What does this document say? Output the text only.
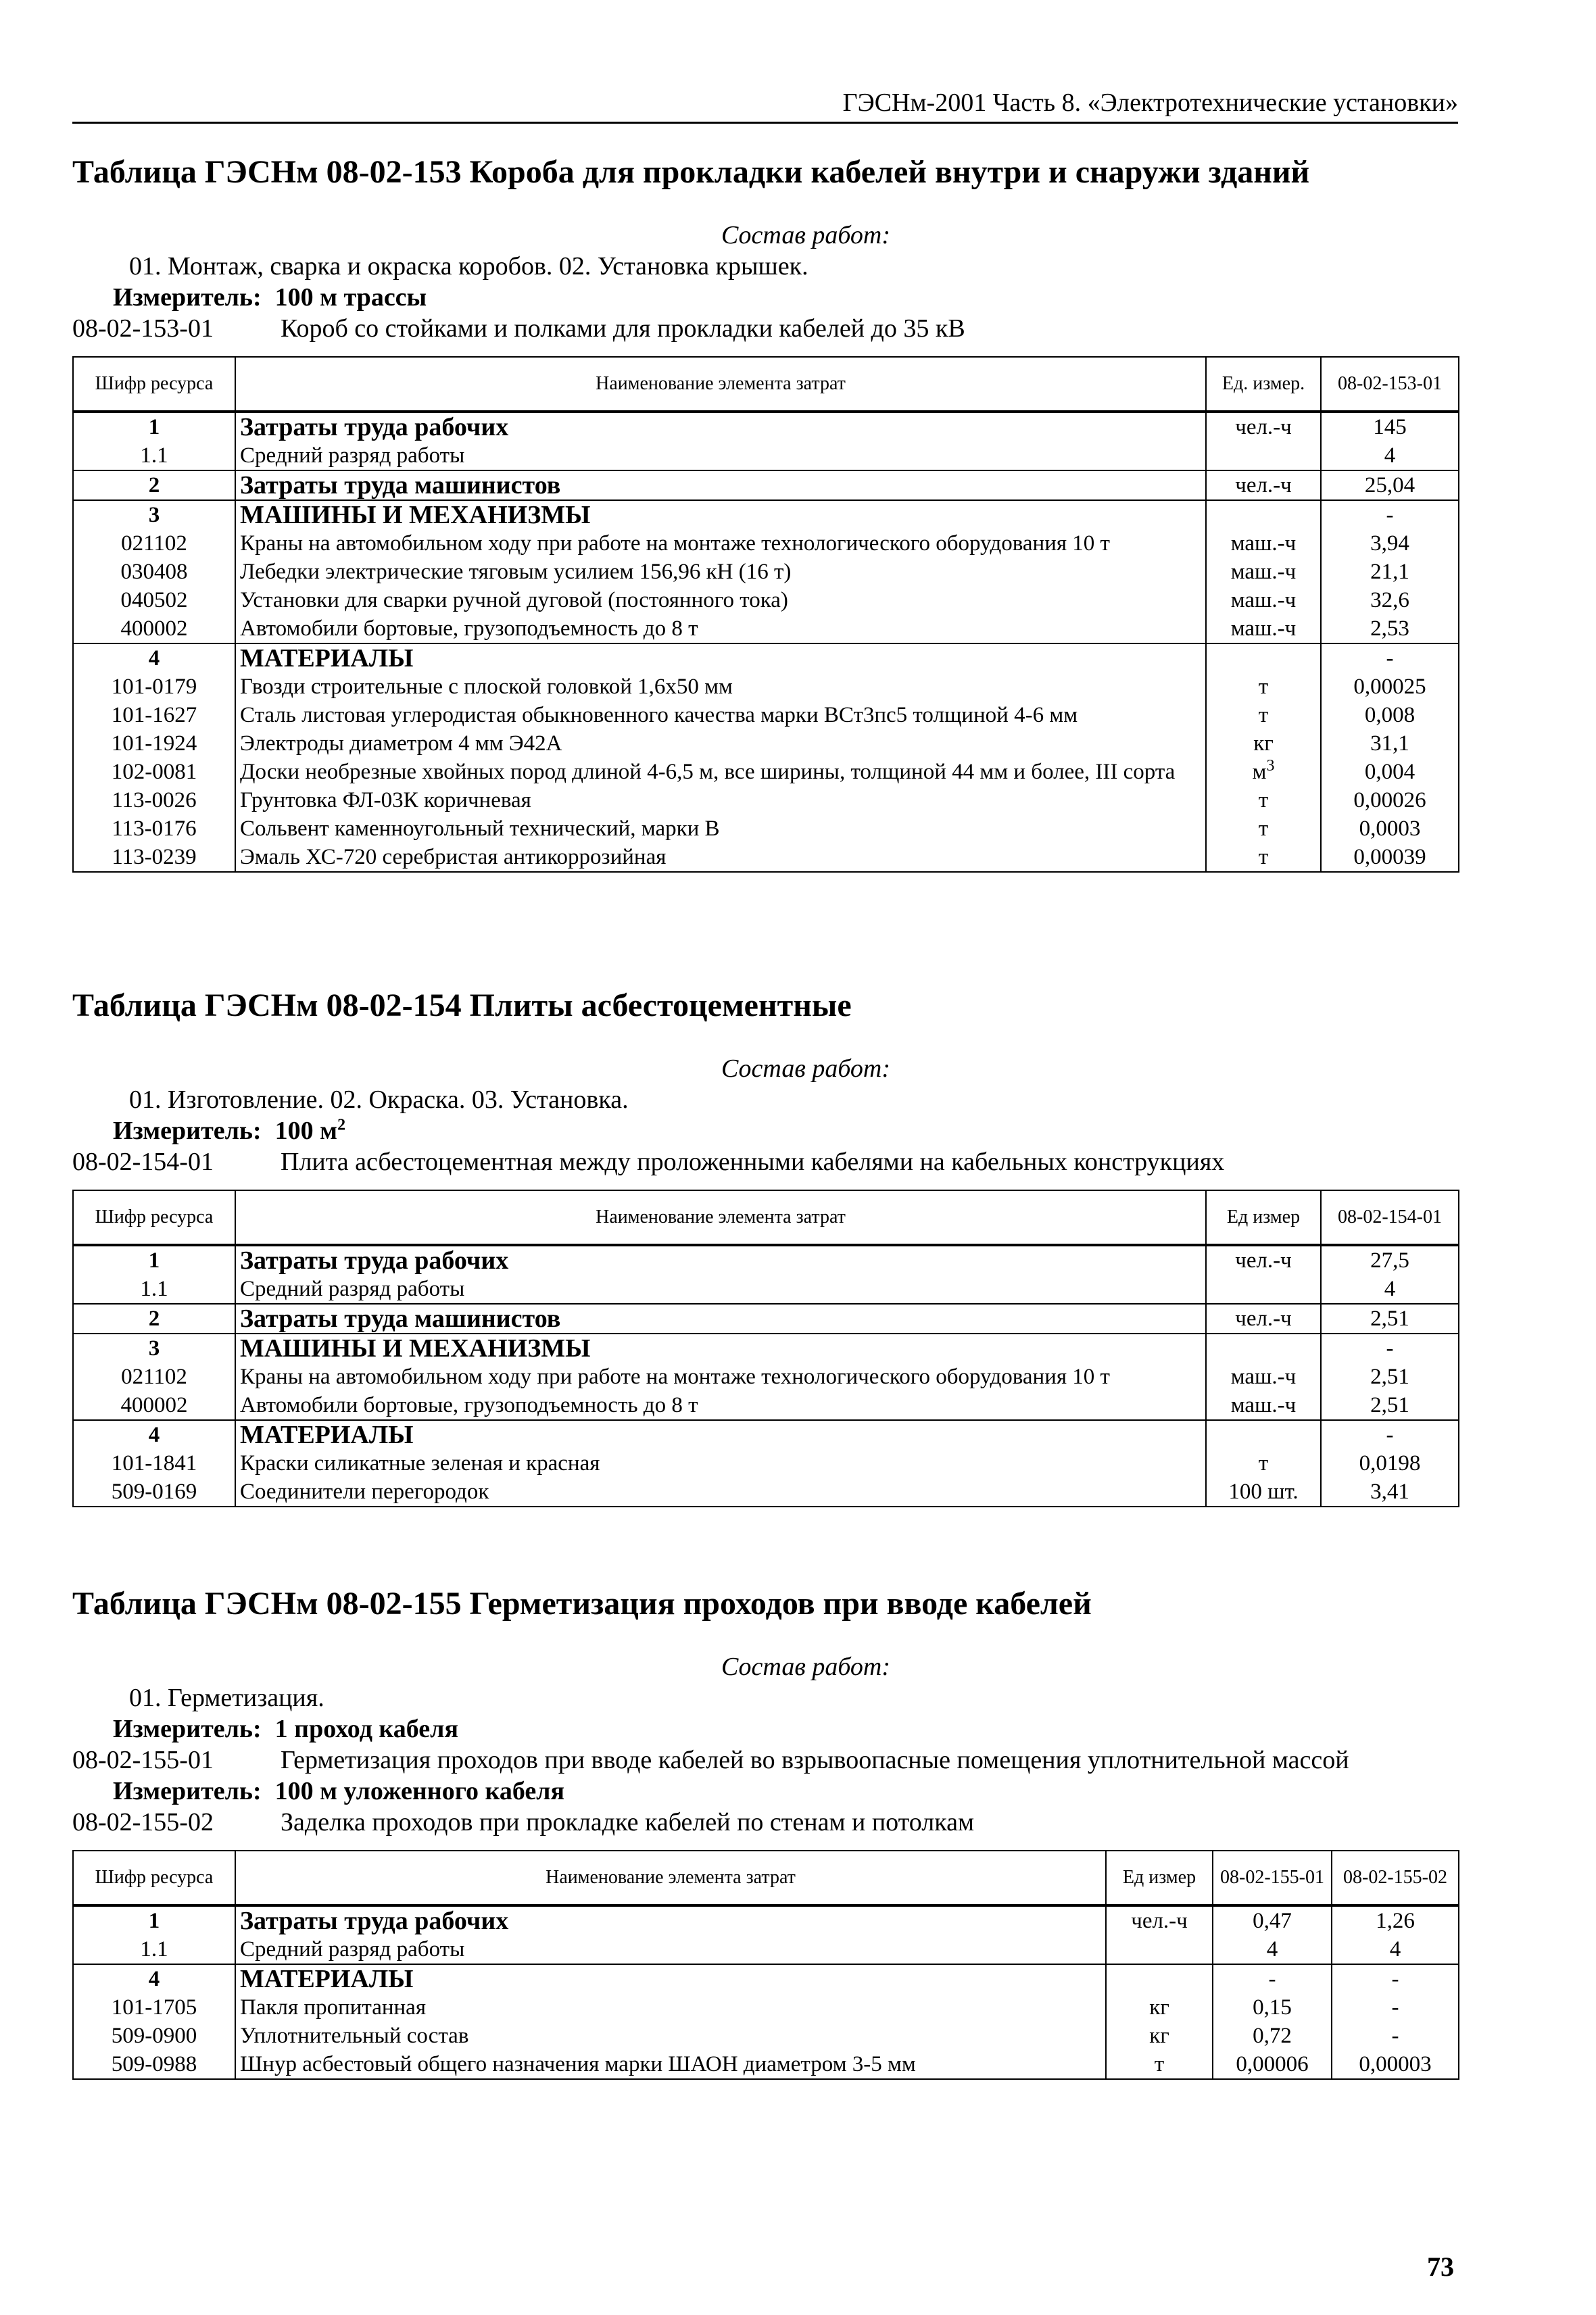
ГЭСНм-2001 Часть 8. «Электротехнические установки»
Таблица ГЭСНм 08-02-153 Короба для прокладки кабелей внутри и снаружи зданий
Состав работ:
01. Монтаж, сварка и окраска коробов. 02. Установка крышек.
Измеритель: 100 м трассы
08-02-153-01	Короб со стойками и полками для прокладки кабелей до 35 кВ
Шифр ресурса	Наименование элемента затрат	Ед. измер.	08-02-153-01
1	Затраты труда рабочих	чел.-ч	145
1.1	Средний разряд работы		4
2	Затраты труда машинистов	чел.-ч	25,04
3	МАШИНЫ И МЕХАНИЗМЫ		-
021102	Краны на автомобильном ходу при работе на монтаже технологического оборудования 10 т	маш.-ч	3,94
030408	Лебедки электрические тяговым усилием 156,96 кН (16 т)	маш.-ч	21,1
040502	Установки для сварки ручной дуговой (постоянного тока)	маш.-ч	32,6
400002	Автомобили бортовые, грузоподъемность до 8 т	маш.-ч	2,53
4	МАТЕРИАЛЫ		-
101-0179	Гвозди строительные с плоской головкой 1,6х50 мм	т	0,00025
101-1627	Сталь листовая углеродистая обыкновенного качества марки ВСт3пс5 толщиной 4-6 мм	т	0,008
101-1924	Электроды диаметром 4 мм Э42А	кг	31,1
102-0081	Доски необрезные хвойных пород длиной 4-6,5 м, все ширины, толщиной 44 мм и более, III сорта	$м^3$	0,004
113-0026	Грунтовка ФЛ-03К коричневая	т	0,00026
113-0176	Сольвент каменноугольный технический, марки В	т	0,0003
113-0239	Эмаль ХС-720 серебристая антикоррозийная	т	0,00039
Таблица ГЭСНм 08-02-154 Плиты асбестоцементные
Состав работ:
01. Изготовление. 02. Окраска. 03. Установка.
Измеритель: 100 $м^2$
08-02-154-01	Плита асбестоцементная между проложенными кабелями на кабельных конструкциях
Шифр ресурса	Наименование элемента затрат	Ед измер	08-02-154-01
1	Затраты труда рабочих	чел.-ч	27,5
1.1	Средний разряд работы		4
2	Затраты труда машинистов	чел.-ч	2,51
3	МАШИНЫ И МЕХАНИЗМЫ		-
021102	Краны на автомобильном ходу при работе на монтаже технологического оборудования 10 т	маш.-ч	2,51
400002	Автомобили бортовые, грузоподъемность до 8 т	маш.-ч	2,51
4	МАТЕРИАЛЫ		-
101-1841	Краски силикатные зеленая и красная	т	0,0198
509-0169	Соединители перегородок	100 шт.	3,41
Таблица ГЭСНм 08-02-155 Герметизация проходов при вводе кабелей
Состав работ:
01. Герметизация.
Измеритель: 1 проход кабеля
08-02-155-01	Герметизация проходов при вводе кабелей во взрывоопасные помещения уплотнительной массой
Измеритель: 100 м уложенного кабеля
08-02-155-02	Заделка проходов при прокладке кабелей по стенам и потолкам
Шифр ресурса	Наименование элемента затрат	Ед измер	08-02-155-01	08-02-155-02
1	Затраты труда рабочих	чел.-ч	0,47	1,26
1.1	Средний разряд работы		4	4
4	МАТЕРИАЛЫ		-	-
101-1705	Пакля пропитанная	кг	0,15	-
509-0900	Уплотнительный состав	кг	0,72	-
509-0988	Шнур асбестовый общего назначения марки ШАОН диаметром 3-5 мм	т	0,00006	0,00003
73
